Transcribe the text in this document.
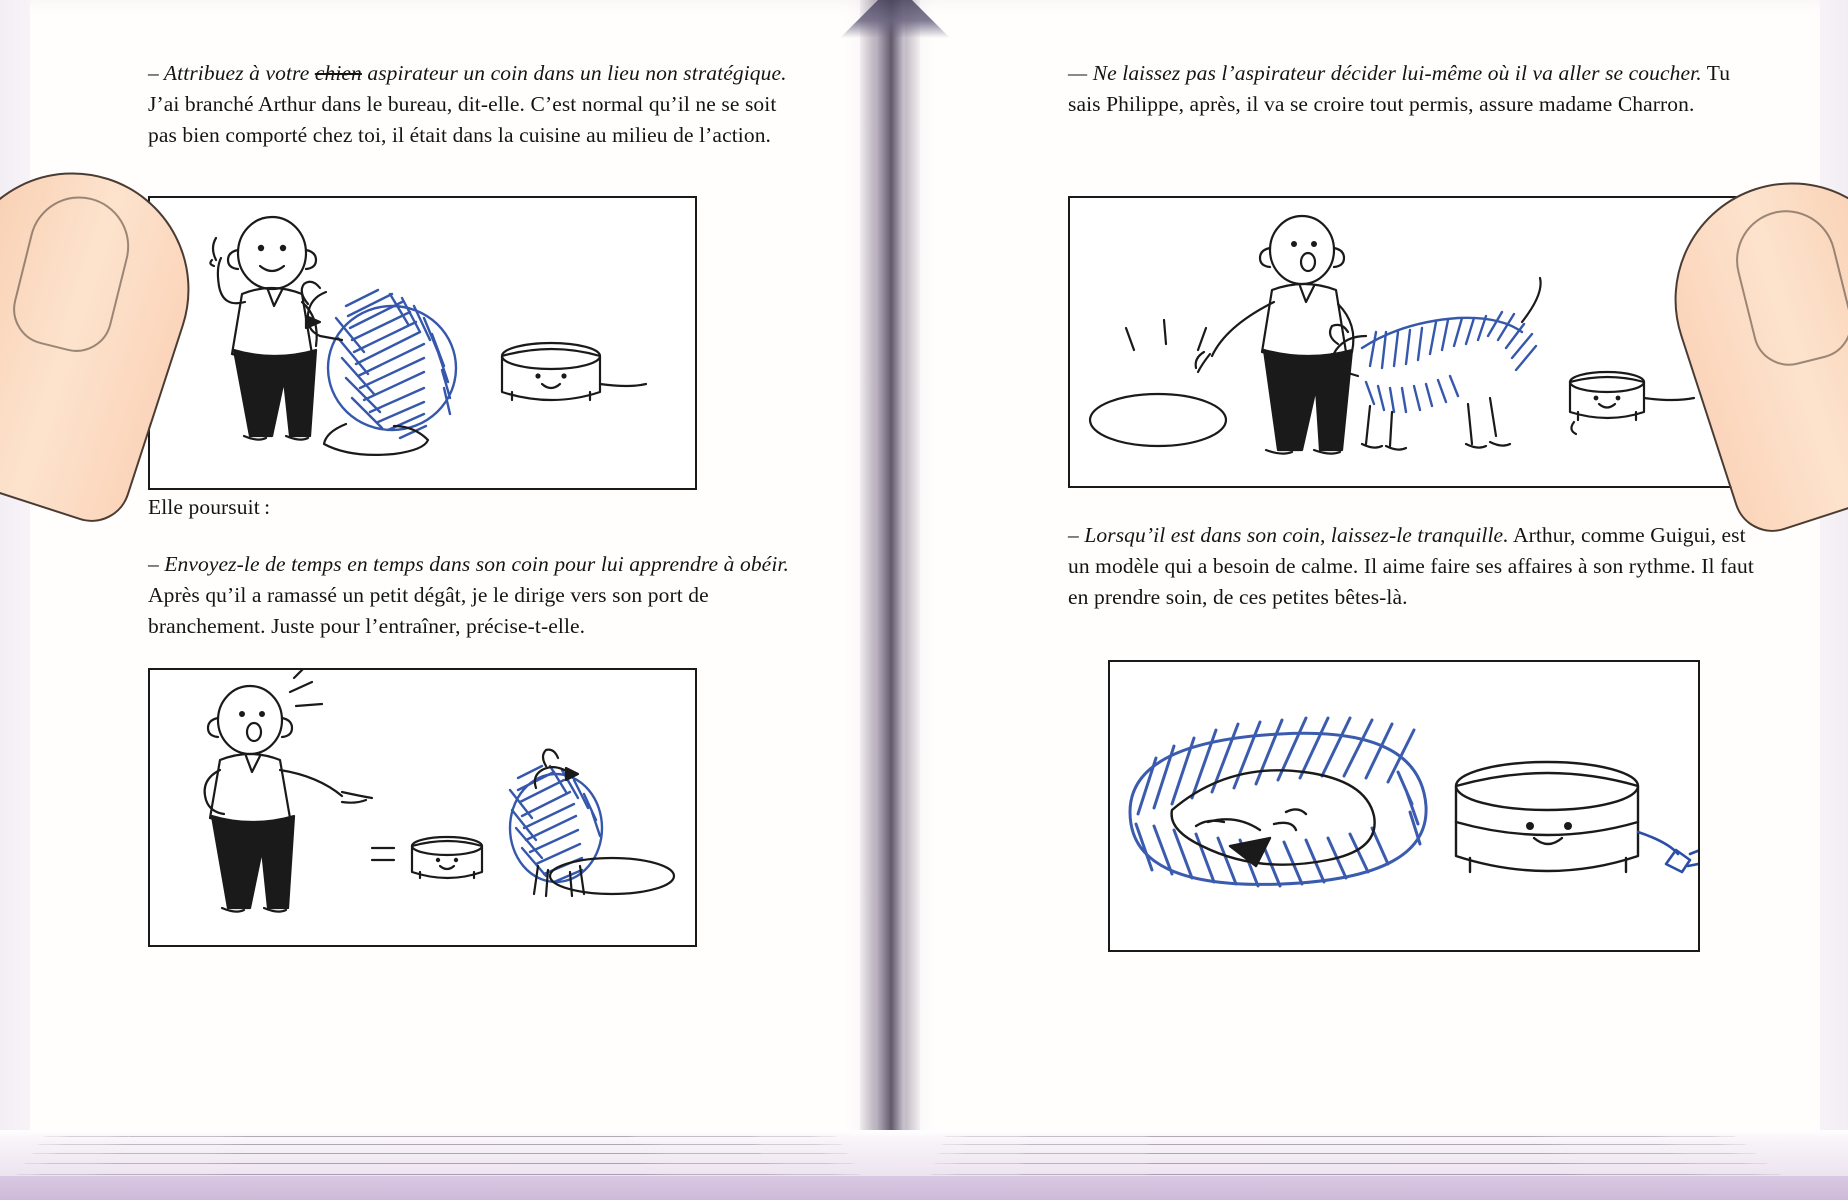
– Attribuez à votre chien aspirateur un coin dans un lieu non stratégique. J’ai branché Arthur dans le bureau, dit-elle. C’est normal qu’il ne se soit pas bien comporté chez toi, il était dans la cuisine au milieu de l’action.

Elle poursuit :

– Envoyez-le de temps en temps dans son coin pour lui apprendre à obéir. Après qu’il a ramassé un petit dégât, je le dirige vers son port de branchement. Juste pour l’entraîner, précise-t-elle.

— Ne laissez pas l’aspirateur décider lui-même où il va aller se coucher. Tu sais Philippe, après, il va se croire tout permis, assure madame Charron.

– Lorsqu’il est dans son coin, laissez-le tranquille. Arthur, comme Guigui, est un modèle qui a besoin de calme. Il aime faire ses affaires à son rythme. Il faut en prendre soin, de ces petites bêtes-là.
